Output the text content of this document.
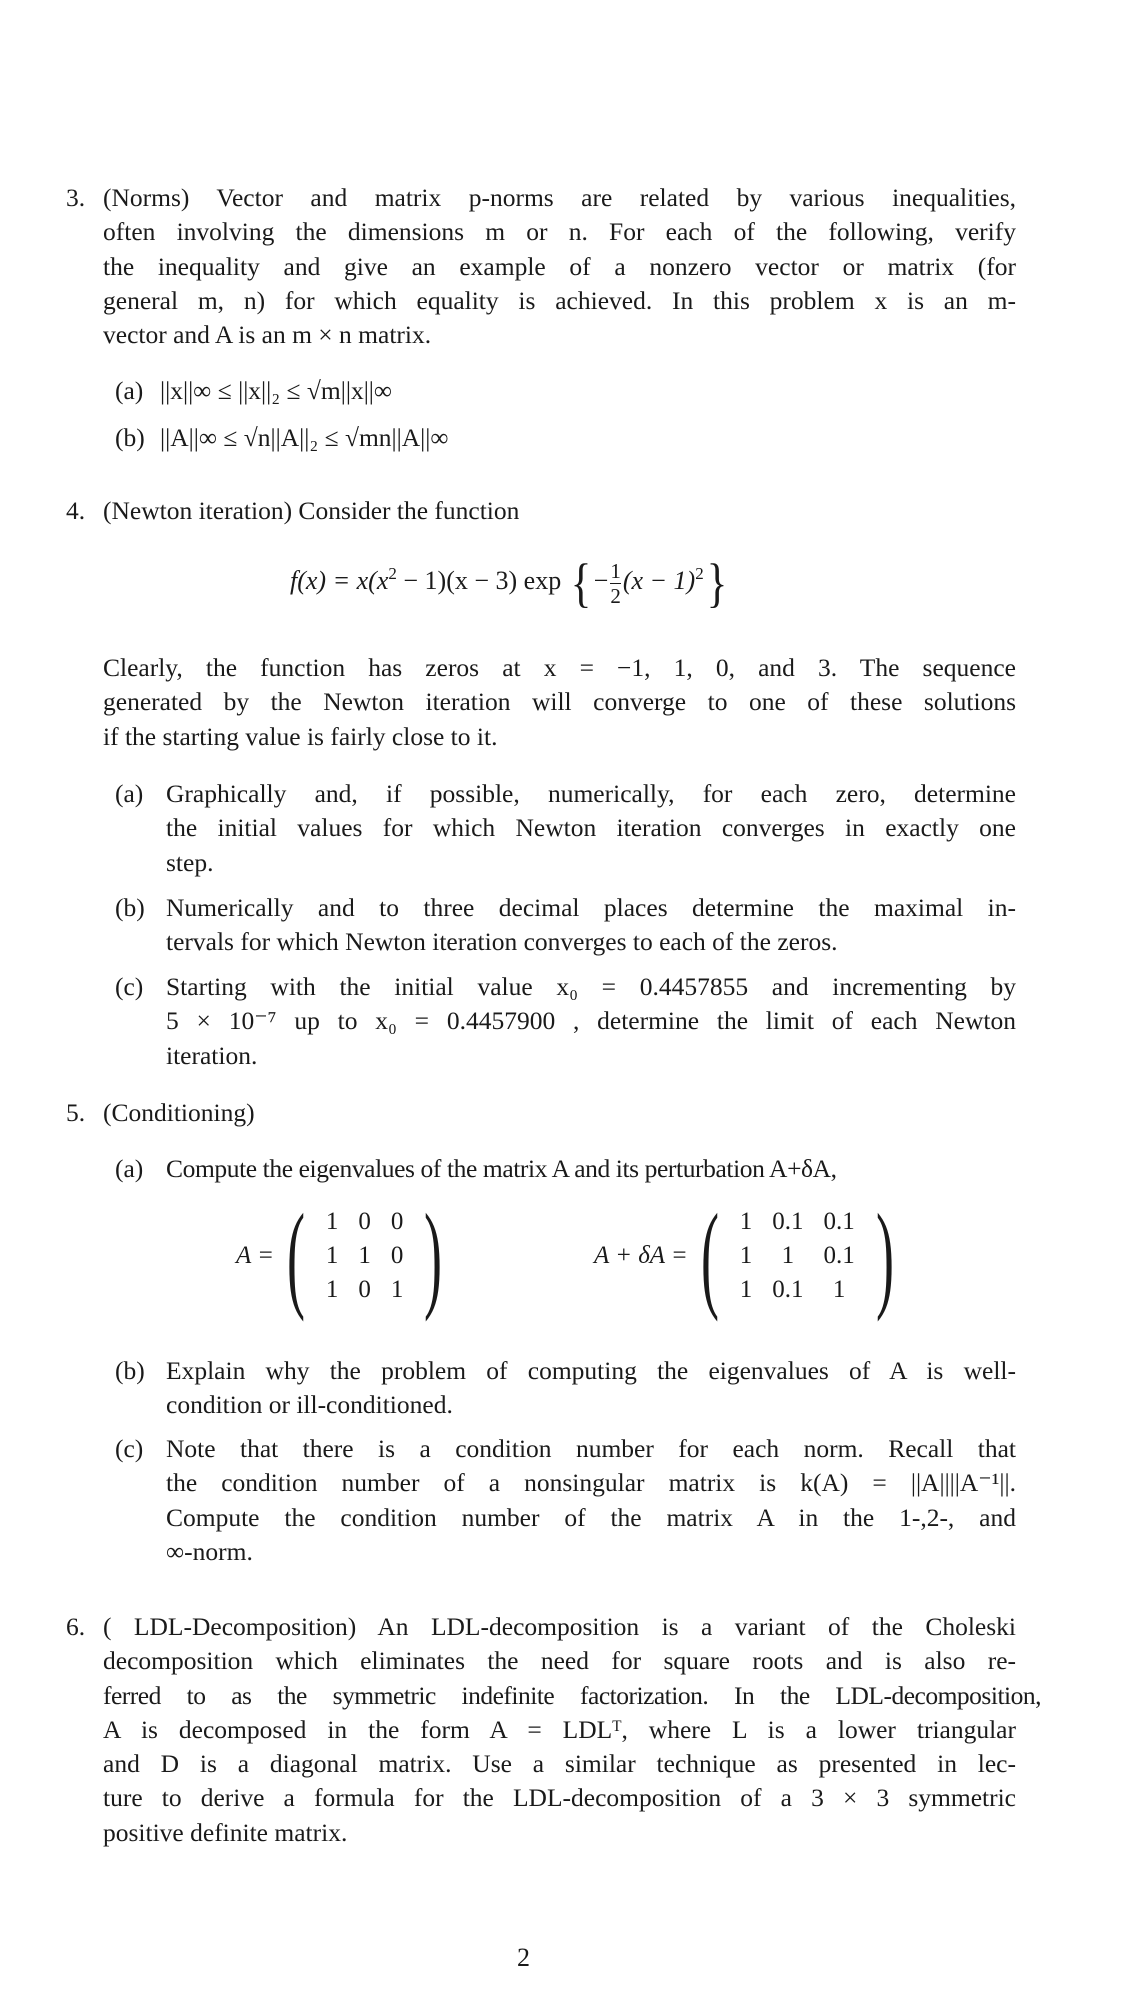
3. (Norms) Vector and matrix p-norms are related by various inequalities,
often involving the dimensions m or n. For each of the following, verify
the inequality and give an example of a nonzero vector or matrix (for
general m, n) for which equality is achieved. In this problem x is an m-
vector and A is an m × n matrix.
(a) ||x||∞ ≤ ||x||₂ ≤ √m||x||∞
(b) ||A||∞ ≤ √n||A||₂ ≤ √mn||A||∞
4. (Newton iteration) Consider the function
$f(x) = x(x^2 - 1)(x - 3)$ exp {− $\frac{1}{2} (x - 1)^2$}
Clearly, the function has zeros at x = −1, 1, 0, and 3. The sequence
generated by the Newton iteration will converge to one of these solutions
if the starting value is fairly close to it.
(a) Graphically and, if possible, numerically, for each zero, determine
the initial values for which Newton iteration converges in exactly one
step.
(b) Numerically and to three decimal places determine the maximal in-
tervals for which Newton iteration converges to each of the zeros.
(c) Starting with the initial value x₀ = 0.4457855 and incrementing by
5 × 10⁻⁷ up to x₀ = 0.4457900 , determine the limit of each Newton
iteration.
5. (Conditioning)
(a) Compute the eigenvalues of the matrix A and its perturbation A+δA,
A = ( 1	0	0
1	1	0
1	0	1 )	A + δA = ( 1	0.1	0.1
1	1	0.1
1	0.1	1 )
(b) Explain why the problem of computing the eigenvalues of A is well-
condition or ill-conditioned.
(c) Note that there is a condition number for each norm. Recall that
the condition number of a nonsingular matrix is k(A) = ||A||||A⁻¹||.
Compute the condition number of the matrix A in the 1-,2-, and
∞-norm.
6. ( LDL-Decomposition) An LDL-decomposition is a variant of the Choleski
decomposition which eliminates the need for square roots and is also re-
ferred to as the symmetric indefinite factorization. In the LDL-decomposition,
A is decomposed in the form A = LDLᵀ, where L is a lower triangular
and D is a diagonal matrix. Use a similar technique as presented in lec-
ture to derive a formula for the LDL-decomposition of a 3 × 3 symmetric
positive definite matrix.
2
